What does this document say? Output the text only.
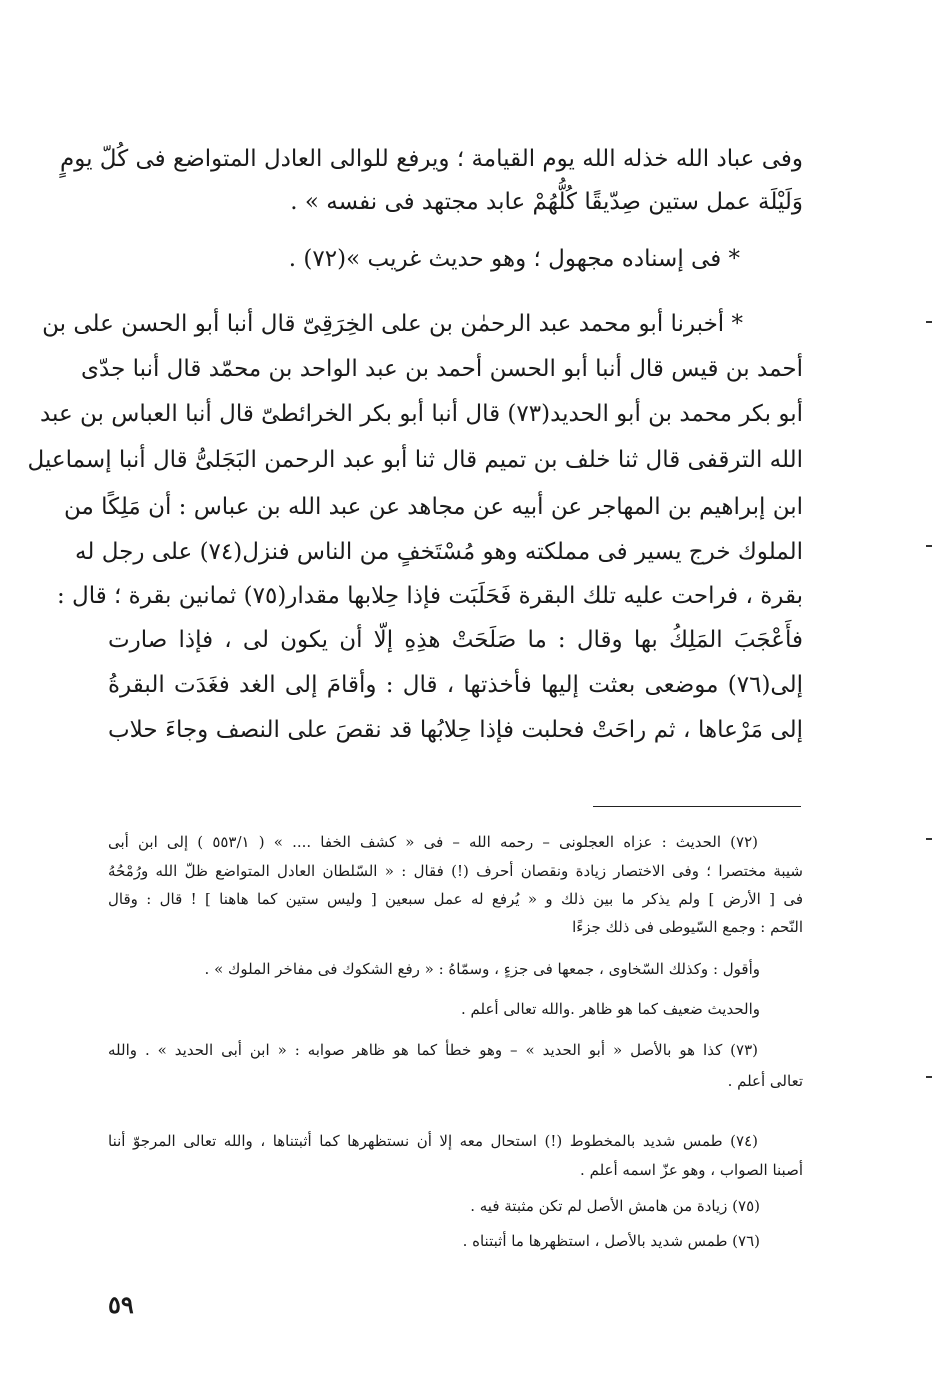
وفى عباد الله خذله الله يوم القيامة ؛ ويرفع للوالى العادل المتواضع فى كُلّ يومٍ
وَلَيْلَة عمل ستين صِدّيقًا كُلُّهُمْ عابد مجتهد فى نفسه » .
* فى إسناده مجهول ؛ وهو حديث غريب »(٧٢) .
* أخبرنا أبو محمد عبد الرحمٰن بن على الخِرَقِىّ قال أنبا أبو الحسن على بن
أحمد بن قيس قال أنبا أبو الحسن أحمد بن عبد الواحد بن محمّد قال أنبا جدّى
أبو بكر محمد بن أبو الحديد(٧٣) قال أنبا أبو بكر الخرائطىّ قال أنبا العباس بن عبد
الله الترقفى قال ثنا خلف بن تميم قال ثنا أبو عبد الرحمن البَجَلىُّ قال أنبا إسماعيل
ابن إبراهيم بن المهاجر عن أبيه عن مجاهد عن عبد الله بن عباس : أن مَلِكًا من
الملوك خرج يسير فى مملكته وهو مُسْتَخفٍ من الناس فنزل(٧٤) على رجل له
بقرة ، فراحت عليه تلك البقرة فَحَلَبَت فإذا حِلابها مقدار(٧٥) ثمانين بقرة ؛ قال :
فأَعْجَبَ المَلِكُ بها وقال : ما صَلَحَتْ هذِهِ إلّا أن يكون لى ، فإذا صارت
إلى(٧٦) موضعى بعثت إليها فأخذتها ، قال : وأقامَ إلى الغد فغَدَت البقرةُ
إلى مَرْعاها ، ثم راحَتْ فحلبت فإذا حِلابُها قد نقصَ على النصف وجاءَ حلاب
(٧٢) الحديث : عزاه العجلونى – رحمه الله – فى « كشف الخفا .... » ( ٥٥٣/١ ) إلى ابن أبى
شيبة مختصرا ؛ وفى الاختصار زيادة ونقصان أحرف (!) فقال : « السّلطان العادل المتواضع ظلّ الله ورُمْحُهُ
فى [ الأرض ] ولم يذكر ما بين ذلك و « يُرفع له عمل سبعين [ وليس ستين كما هاهنا ] ! قال : وقال
النّحم : وجمع السّيوطى فى ذلك جزءًا
وأقول : وكذلك السّخاوى ، جمعها فى جزءٍ ، وسمّاهُ : « رفع الشكوك فى مفاخر الملوك » .
والحديث ضعيف كما هو ظاهر .والله تعالى أعلم .
(٧٣) كذا هو بالأصل « أبو الحديد » – وهو خطأ كما هو ظاهر صوابه : « ابن أبى الحديد » . والله
تعالى أعلم .
(٧٤) طمس شديد بالمخطوط (!) استحال معه إلا أن نستظهرها كما أثبتناها ، والله تعالى المرجوّ أننا
أصبنا الصواب ، وهو عزّ اسمه أعلم .
(٧٥) زيادة من هامش الأصل لم تكن مثبتة فيه .
(٧٦) طمس شديد بالأصل ، استظهرها ما أثبتناه .
٥٩
